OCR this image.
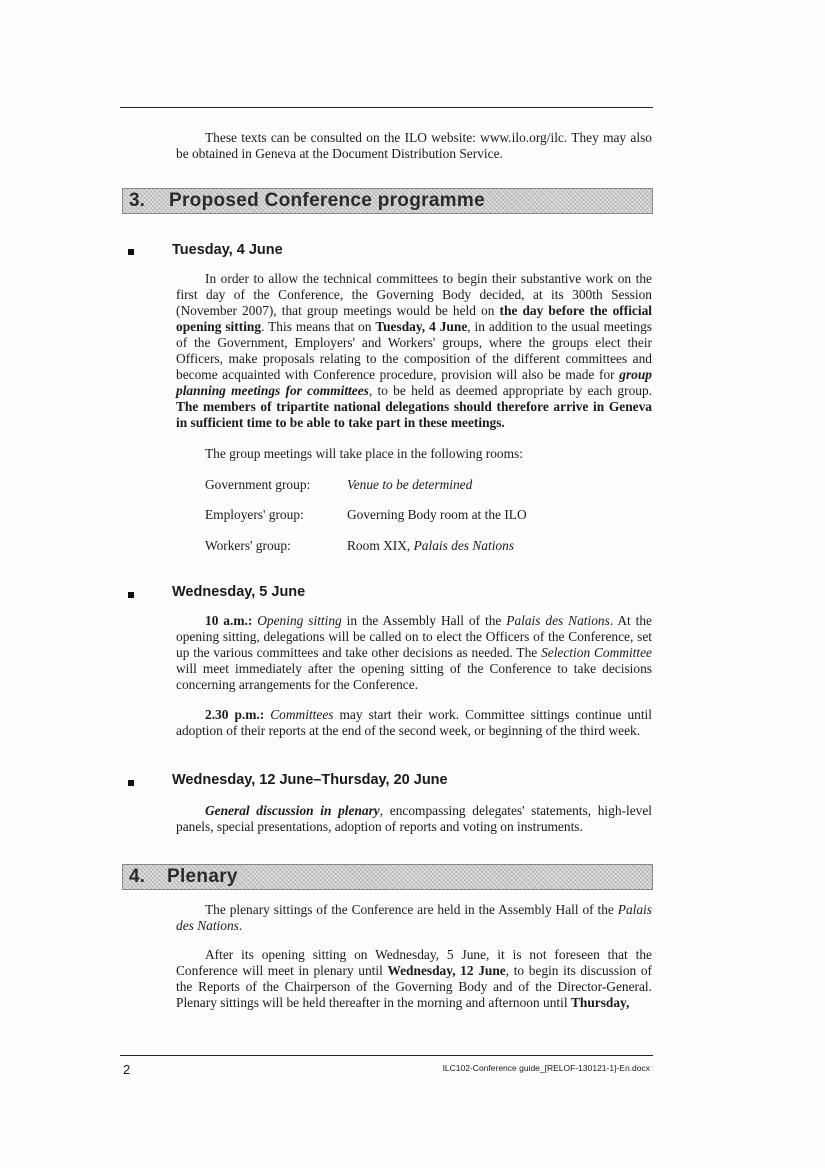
These texts can be consulted on the ILO website: www.ilo.org/ilc. They may also be obtained in Geneva at the Document Distribution Service.

3. Proposed Conference programme
Tuesday, 4 June

In order to allow the technical committees to begin their substantive work on the first day of the Conference, the Governing Body decided, at its 300th Session (November 2007), that group meetings would be held on the day before the official opening sitting. This means that on Tuesday, 4 June, in addition to the usual meetings of the Government, Employers' and Workers' groups, where the groups elect their Officers, make proposals relating to the composition of the different committees and become acquainted with Conference procedure, provision will also be made for group planning meetings for committees, to be held as deemed appropriate by each group. The members of tripartite national delegations should therefore arrive in Geneva in sufficient time to be able to take part in these meetings.

The group meetings will take place in the following rooms:

Government group:	Venue to be determined
Employers' group:	Governing Body room at the ILO
Workers' group:	Room XIX, Palais des Nations
Wednesday, 5 June

10 a.m.: Opening sitting in the Assembly Hall of the Palais des Nations. At the opening sitting, delegations will be called on to elect the Officers of the Conference, set up the various committees and take other decisions as needed. The Selection Committee will meet immediately after the opening sitting of the Conference to take decisions concerning arrangements for the Conference.

2.30 p.m.: Committees may start their work. Committee sittings continue until adoption of their reports at the end of the second week, or beginning of the third week.

Wednesday, 12 June–Thursday, 20 June

General discussion in plenary, encompassing delegates' statements, high-level panels, special presentations, adoption of reports and voting on instruments.

4. Plenary

The plenary sittings of the Conference are held in the Assembly Hall of the Palais des Nations.

After its opening sitting on Wednesday, 5 June, it is not foreseen that the Conference will meet in plenary until Wednesday, 12 June, to begin its discussion of the Reports of the Chairperson of the Governing Body and of the Director-General. Plenary sittings will be held thereafter in the morning and afternoon until Thursday,

2	ILC102-Conference guide_[RELOF-130121-1]-En.docx
